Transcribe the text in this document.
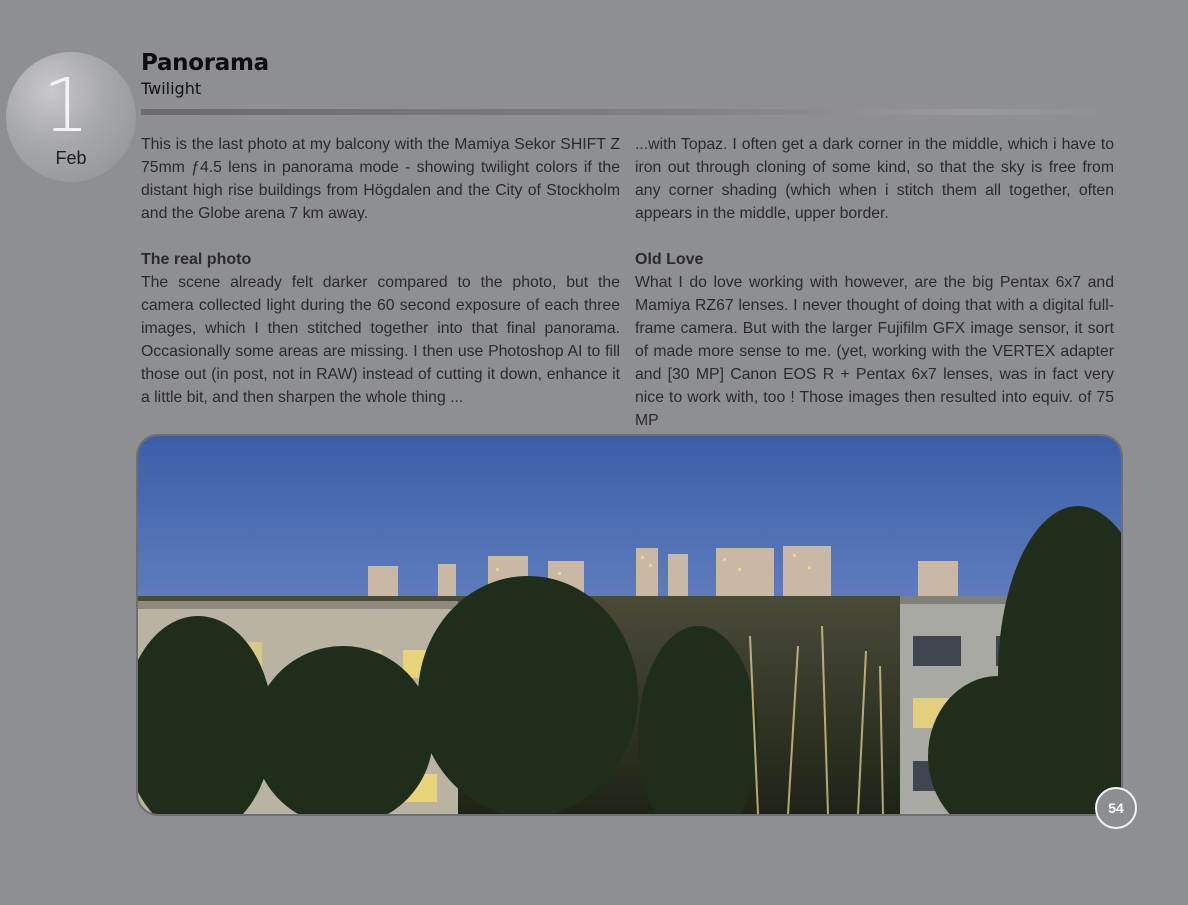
1
Feb
Panorama
Twilight

This is the last photo at my balcony with the Mamiya Sekor SHIFT Z 75mm ƒ4.5 lens in panorama mode - showing twilight colors if the distant high rise buildings from Högdalen and the City of Stockholm and the Globe arena 7 km away.

The real photo

The scene already felt darker compared to the photo, but the camera collected light during the 60 second exposure of each three images, which I then stitched together into that final panorama. Occasionally some areas are missing. I then use Photoshop AI to fill those out (in post, not in RAW) instead of cutting it down, enhance it a little bit, and then sharpen the whole thing ...

...with Topaz. I often get a dark corner in the middle, which i have to iron out through cloning of some kind, so that the sky is free from any corner shading (which when i stitch them all together, often appears in the middle, upper border.

Old Love

What I do love working with however, are the big Pentax 6x7 and Mamiya RZ67 lenses. I never thought of doing that with a digital full-frame camera. But with the larger Fujifilm GFX image sensor, it sort of made more sense to me. (yet, working with the VERTEX adapter and [30 MP] Canon EOS R + Pentax 6x7 lenses, was in fact very nice to work with, too ! Those images then resulted into equiv. of 75 MP

54
